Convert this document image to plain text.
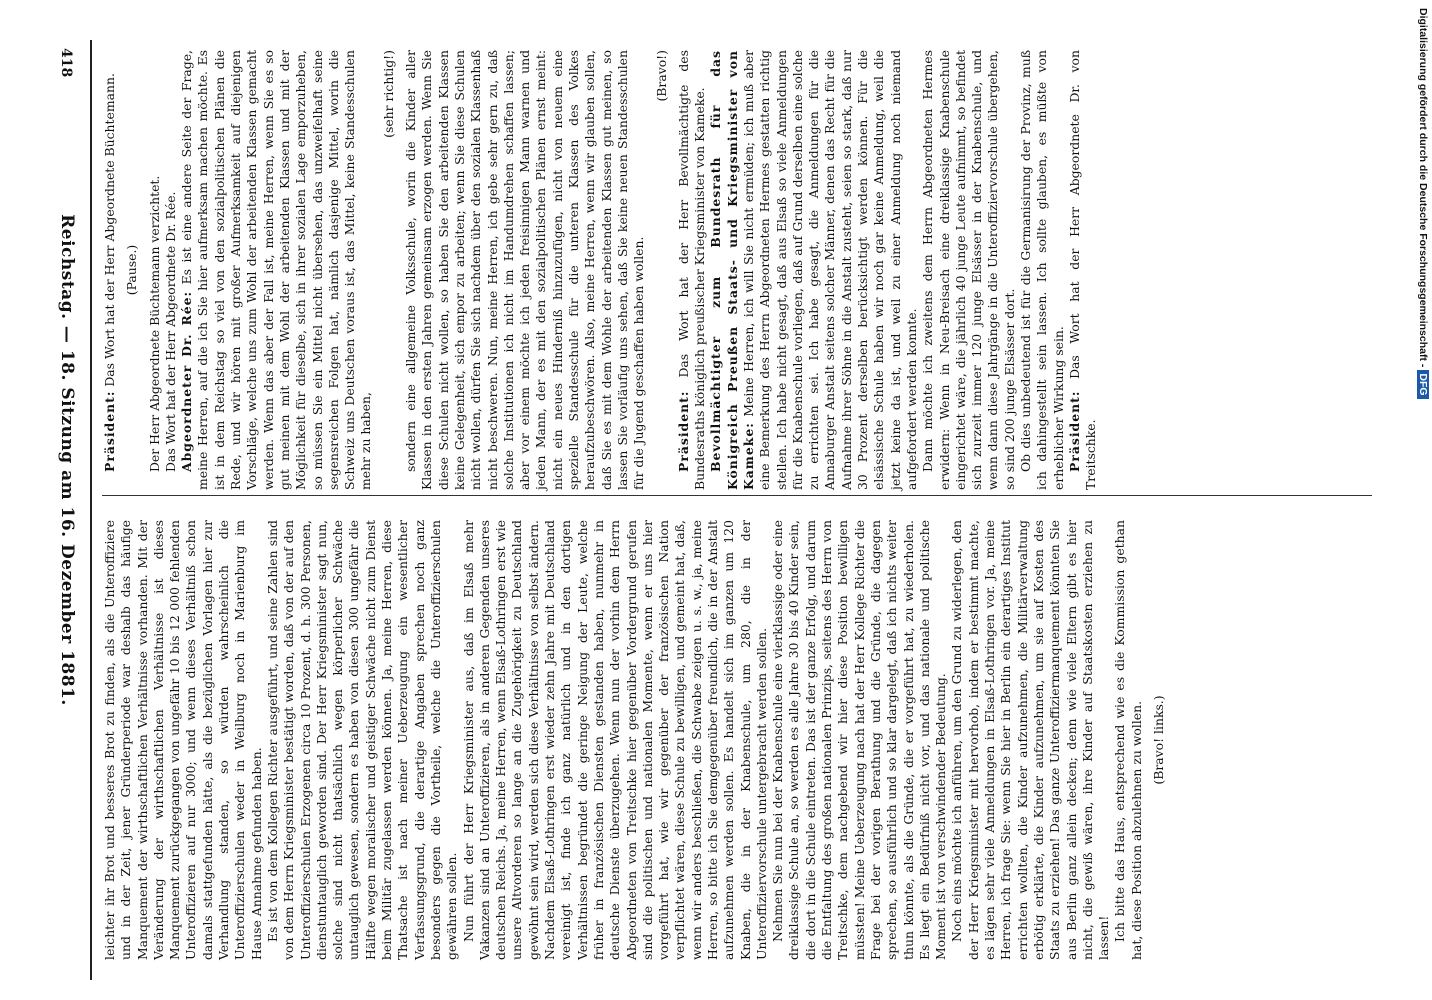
418
Reichstag. — 18. Sitzung am 16. Dezember 1881.

leichter ihr Brot und besseres Brot zu finden, als die Unteroffiziere und in der Zeit, jener Gründerperiode war deshalb das häufige Manquement der wirthschaftlichen Verhältnisse vorhanden. Mit der Veränderung der wirthschaftlichen Verhältnisse ist dieses Manquement zurückgegangen von ungefähr 10 bis 12 000 fehlenden Unteroffizieren auf nur 3000; und wenn dieses Verhältniß schon damals stattgefunden hätte, als die bezüglichen Vorlagen hier zur Verhandlung standen, so würden wahrscheinlich die Unteroffizierschulen weder in Weilburg noch in Marienburg im Hause Annahme gefunden haben. Es ist von dem Kollegen Richter ausgeführt, und seine Zahlen sind von dem Herrn Kriegsminister bestätigt worden, daß von der auf den Unteroffizierschulen Erzogenen circa 10 Prozent, d. h. 300 Personen, dienstuntauglich geworden sind. Der Herr Kriegsminister sagt nun, solche sind nicht thatsächlich wegen körperlicher Schwäche untauglich gewesen, sondern es haben von diesen 300 ungefähr die Hälfte wegen moralischer und geistiger Schwäche nicht zum Dienst beim Militär zugelassen werden können. Ja, meine Herren, diese Thatsache ist nach meiner Ueberzeugung ein wesentlicher Verfassungsgrund, die derartige Angaben sprechen noch ganz besonders gegen die Vortheile, welche die Unteroffizierschulen gewähren sollen. Nun führt der Herr Kriegsminister aus, daß im Elsaß mehr Vakanzen sind an Unteroffizieren, als in anderen Gegenden unseres deutschen Reichs. Ja, meine Herren, wenn Elsaß-Lothringen erst wie unsere Altvorderen so lange an die Zugehörigkeit zu Deutschland gewöhnt sein wird, werden sich diese Verhältnisse von selbst ändern. Nachdem Elsaß-Lothringen erst wieder zehn Jahre mit Deutschland vereinigt ist, finde ich ganz natürlich und in den dortigen Verhältnissen begründet die geringe Neigung der Leute, welche früher in französischen Diensten gestanden haben, nunmehr in deutsche Dienste überzugehen. Wenn nun der vorhin dem Herrn Abgeordneten von Treitschke hier gegenüber Vordergrund gerufen sind die politischen und nationalen Momente, wenn er uns hier vorgeführt hat, wie wir gegenüber der französischen Nation verpflichtet wären, diese Schule zu bewilligen, und gemeint hat, daß, wenn wir anders beschließen, die Schwabe zeigen u. s. w., ja, meine Herren, so bitte ich Sie demgegenüber freundlich, die in der Anstalt aufzunehmen werden sollen. Es handelt sich im ganzen um 120 Knaben, die in der Knabenschule, um 280, die in der Unteroffiziervorschule untergebracht werden sollen. Nehmen Sie nun bei der Knabenschule eine vierklassige oder eine dreiklassige Schule an, so werden es alle Jahre 30 bis 40 Kinder sein, die dort in die Schule eintreten. Das ist der ganze Erfolg, und darum die Entfaltung des großen nationalen Prinzips, seitens des Herrn von Treitschke, dem nachgebend wir hier diese Position bewilligen müssten! Meine Ueberzeugung nach hat der Herr Kollege Richter die Frage bei der vorigen Berathung und die Gründe, die dagegen sprechen, so ausführlich und so klar dargelegt, daß ich nichts weiter thun könnte, als die Gründe, die er vorgeführt hat, zu wiederholen. Es liegt ein Bedürfniß nicht vor, und das nationale und politische Moment ist von verschwindender Bedeutung. Noch eins möchte ich anführen, um den Grund zu widerlegen, den der Herr Kriegsminister mit hervorhob, indem er bestimmt machte, es lägen sehr viele Anmeldungen in Elsaß-Lothringen vor. Ja, meine Herren, ich frage Sie: wenn Sie hier in Berlin ein derartiges Institut errichten wollten, die Kinder aufzunehmen, die Militärverwaltung erbötig erklärte, die Kinder aufzunehmen, um sie auf Kosten des Staats zu erziehen! Das ganze Unteroffiziermanquement könnten Sie aus Berlin ganz allein decken; denn wie viele Eltern gibt es hier nicht, die gewiß wären, ihre Kinder auf Staatskosten erziehen zu lassen! Ich bitte das Haus, entsprechend wie es die Kommission gethan hat, diese Position abzulehnen zu wollen. (Bravo! links.)

Präsident: Das Wort hat der Herr Abgeordnete Büchtemann. (Pause.) Der Herr Abgeordnete Büchtemann verzichtet. Das Wort hat der Herr Abgeordnete Dr. Rée. Abgeordneter Dr. Rée: Es ist eine andere Seite der Frage, meine Herren, auf die ich Sie hier aufmerksam machen möchte. Es ist in dem Reichstag so viel von den sozialpolitischen Plänen die Rede, und wir hören mit großer Aufmerksamkeit auf diejenigen Vorschläge, welche uns zum Wohl der arbeitenden Klassen gemacht werden. Wenn das aber der Fall ist, meine Herren, wenn Sie es so gut meinen mit dem Wohl der arbeitenden Klassen und mit der Möglichkeit für dieselbe, sich in ihrer sozialen Lage emporzuheben, so müssen Sie ein Mittel nicht übersehen, das unzweifelhaft seine segensreichen Folgen hat, nämlich dasjenige Mittel, worin die Schweiz uns Deutschen voraus ist, das Mittel, keine Standesschulen mehr zu haben,

(sehr richtig!) sondern eine allgemeine Volksschule, worin die Kinder aller Klassen in den ersten Jahren gemeinsam erzogen werden. Wenn Sie diese Schulen nicht wollen, so haben Sie den arbeitenden Klassen keine Gelegenheit, sich empor zu arbeiten; wenn Sie diese Schulen nicht wollen, dürfen Sie sich nachdem über den sozialen Klassenhaß nicht beschweren. Nun, meine Herren, ich gebe sehr gern zu, daß solche Institutionen ich nicht im Handumdrehen schaffen lassen; aber vor einem möchte ich jeden freisinnigen Mann warnen und jeden Mann, der es mit den sozialpolitischen Plänen ernst meint: nicht ein neues Hinderniß hinzuzufügen, nicht von neuem eine spezielle Standesschule für die unteren Klassen des Volkes heraufzubeschwören. Also, meine Herren, wenn wir glauben sollen, daß Sie es mit dem Wohle der arbeitenden Klassen gut meinen, so lassen Sie vorläufig uns sehen, daß Sie keine neuen Standesschulen für die Jugend geschaffen haben wollen.

(Bravo!)

Präsident: Das Wort hat der Herr Bevollmächtigte des Bundesraths königlich preußischer Kriegsminister von Kameke. Bevollmächtigter zum Bundesrath für das Königreich Preußen Staats- und Kriegsminister von Kameke: Meine Herren, ich will Sie nicht ermüden; ich muß aber eine Bemerkung des Herrn Abgeordneten Hermes gestatten richtig stellen. Ich habe nicht gesagt, daß aus Elsaß so viele Anmeldungen für die Knabenschule vorliegen, daß auf Grund derselben eine solche zu errichten sei. Ich habe gesagt, die Anmeldungen für die Annaburger Anstalt seitens solcher Männer, denen das Recht für die Aufnahme ihrer Söhne in die Anstalt zusteht, seien so stark, daß nur 30 Prozent derselben berücksichtigt werden können. Für die elsässische Schule haben wir noch gar keine Anmeldung, weil die jetzt keine da ist, und weil zu einer Anmeldung noch niemand aufgefordert werden konnte. Dann möchte ich zweitens dem Herrn Abgeordneten Hermes erwidern: Wenn in Neu-Breisach eine dreiklassige Knabenschule eingerichtet wäre, die jährlich 40 junge Leute aufnimmt, so befindet sich zurzeit immer 120 junge Elsässer in der Knabenschule, und wenn dann diese Jahrgänge in die Unteroffiziervorschule übergehen, so sind 200 junge Elsässer dort. Ob dies unbedeutend ist für die Germanisirung der Provinz, muß ich dahingestellt sein lassen. Ich sollte glauben, es müßte von erheblicher Wirkung sein. Präsident: Das Wort hat der Herr Abgeordnete Dr. von Treitschke.

Digitalisierung gefördert durch die Deutsche Forschungsgemeinschaft -DFG
